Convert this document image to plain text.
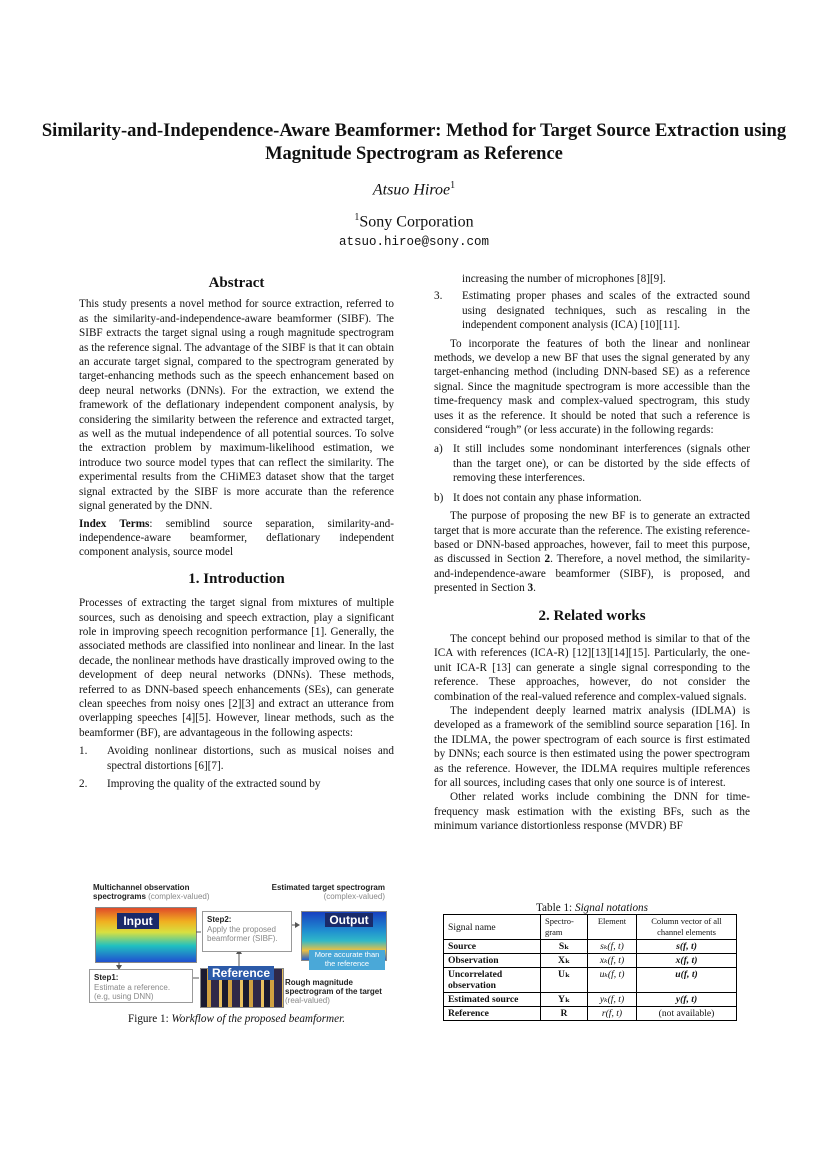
Similarity-and-Independence-Aware Beamformer: Method for Target Source Extraction using Magnitude Spectrogram as Reference
Atsuo Hiroe$^1$
$^1$Sony Corporation
atsuo.hiroe@sony.com
Abstract

This study presents a novel method for source extraction, referred to as the similarity-and-independence-aware beamformer (SIBF). The SIBF extracts the target signal using a rough magnitude spectrogram as the reference signal. The advantage of the SIBF is that it can obtain an accurate target signal, compared to the spectrogram generated by target-enhancing methods such as the speech enhancement based on deep neural networks (DNNs). For the extraction, we extend the framework of the deflationary independent component analysis, by considering the similarity between the reference and extracted target, as well as the mutual independence of all potential sources. To solve the extraction problem by maximum-likelihood estimation, we introduce two source model types that can reflect the similarity. The experimental results from the CHiME3 dataset show that the target signal extracted by the SIBF is more accurate than the reference signal generated by the DNN.

Index Terms: semiblind source separation, similarity-and-independence-aware beamformer, deflationary independent component analysis, source model

1. Introduction

Processes of extracting the target signal from mixtures of multiple sources, such as denoising and speech extraction, play a significant role in improving speech recognition performance [1]. Generally, the associated methods are classified into nonlinear and linear. In the last decade, the nonlinear methods have drastically improved owing to the development of deep neural networks (DNNs). These methods, referred to as DNN-based speech enhancements (SEs), can generate clean speeches from noisy ones [2][3] and extract an utterance from overlapping speeches [4][5]. However, linear methods, such as the beamformer (BF), are advantageous in the following aspects:

1. Avoiding nonlinear distortions, such as musical noises and spectral distortions [6][7].

2. Improving the quality of the extracted sound by

Multichannel observation
spectrograms (complex-valued)
Estimated target spectrogram
(complex-valued)
Input	Step2:
Apply the proposed beamformer (SIBF).
Output
More accurate than the reference
Step1:
Estimate a reference. (e.g, using DNN)
Reference
Rough magnitude spectrogram of the target
(real-valued)
Figure 1: Workflow of the proposed beamformer.

increasing the number of microphones [8][9].

3. Estimating proper phases and scales of the extracted sound using designated techniques, such as rescaling in the independent component analysis (ICA) [10][11].

To incorporate the features of both the linear and nonlinear methods, we develop a new BF that uses the signal generated by any target-enhancing method (including DNN-based SE) as a reference signal. Since the magnitude spectrogram is more accessible than the time-frequency mask and complex-valued spectrogram, this study uses it as the reference. It should be noted that such a reference is considered “rough” (or less accurate) in the following regards:

a) It still includes some nondominant interferences (signals other than the target one), or can be distorted by the side effects of removing these interferences.

b) It does not contain any phase information.

The purpose of proposing the new BF is to generate an extracted target that is more accurate than the reference. The existing reference-based or DNN-based approaches, however, fail to meet this purpose, as discussed in Section 2. Therefore, a novel method, the similarity-and-independence-aware beamformer (SIBF), is proposed, and presented in Section 3.

2. Related works

The concept behind our proposed method is similar to that of the ICA with references (ICA-R) [12][13][14][15]. Particularly, the one-unit ICA-R [13] can generate a single signal corresponding to the reference. These approaches, however, do not consider the combination of the real-valued reference and complex-valued signals.

The independent deeply learned matrix analysis (IDLMA) is developed as a framework of the semiblind source separation [16]. In the IDLMA, the power spectrogram of each source is first estimated by DNNs; each source is then estimated using the power spectrogram as the reference. However, the IDLMA requires multiple references for all sources, including cases that only one source is of interest.

Other related works include combining the DNN for time-frequency mask estimation with the existing BFs, such as the minimum variance distortionless response (MVDR) BF

Table 1: Signal notations
Signal name	Spectro-gram	Element	Column vector of all channel elements
Source	Sₖ	sₖ(f, t)	s(f, t)
Observation	Xₖ	xₖ(f, t)	x(f, t)
Uncorrelated observation	Uₖ	uₖ(f, t)	u(f, t)
Estimated source	Yₖ	yₖ(f, t)	y(f, t)
Reference	R	r(f, t)	(not available)
